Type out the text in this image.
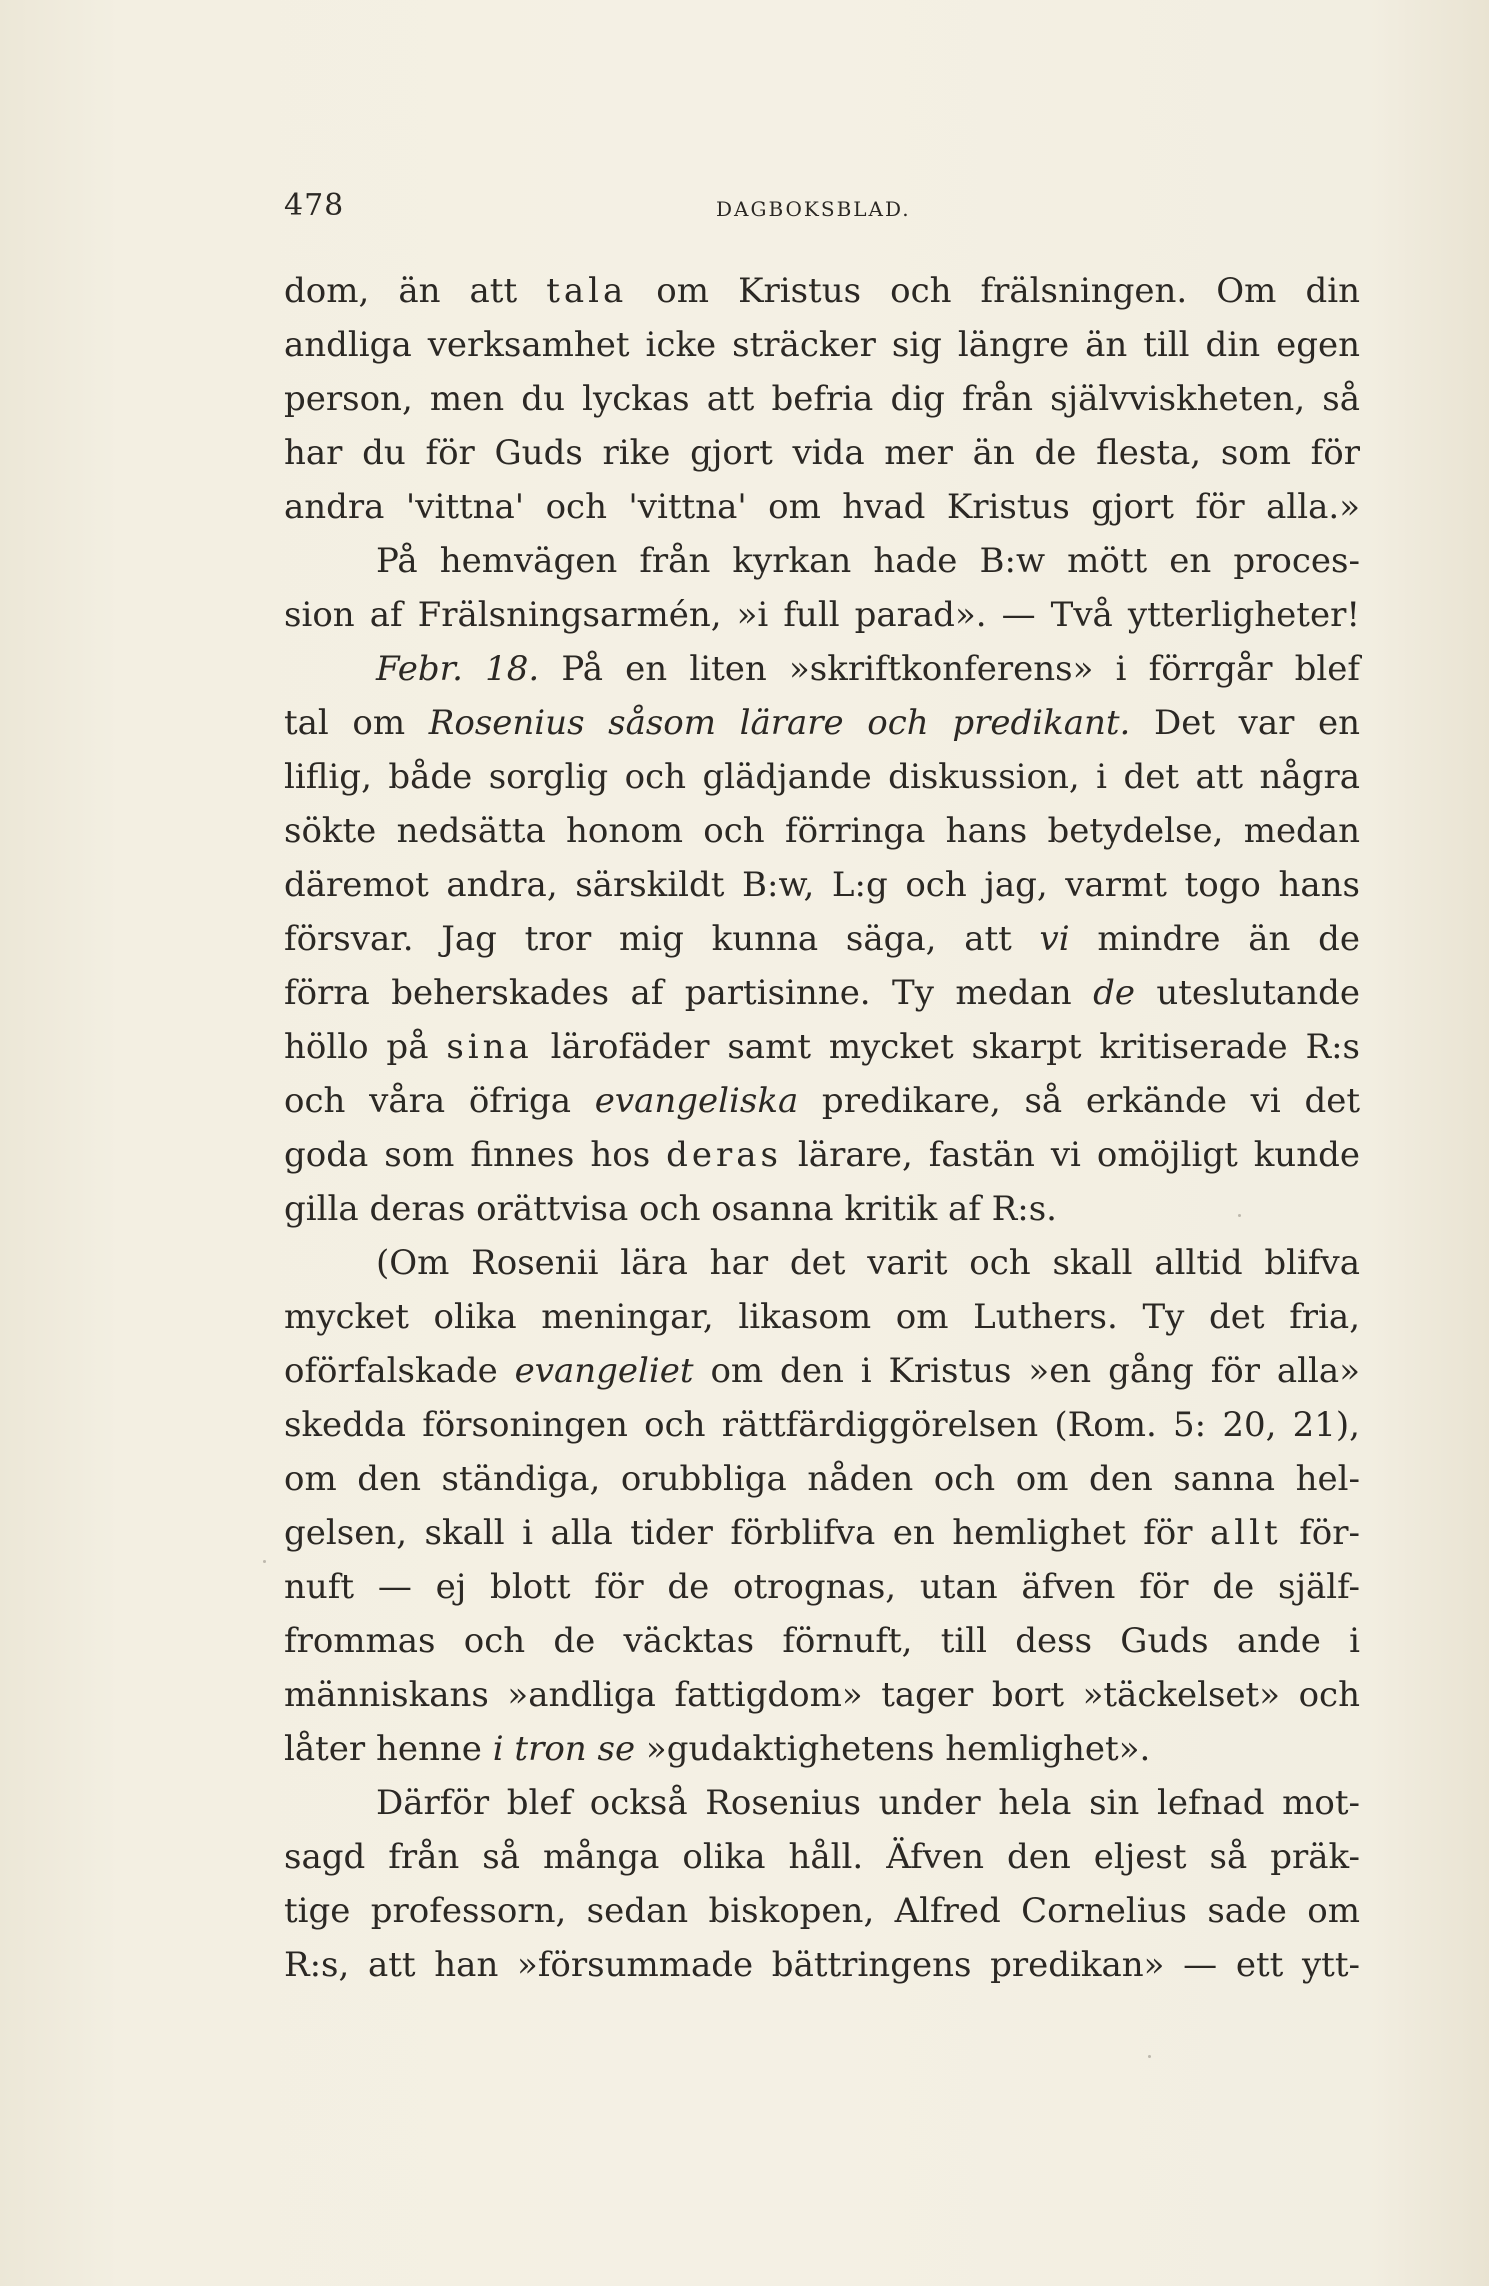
478	DAGBOKSBLAD.
dom, än att tala om Kristus och frälsningen. Om din
andliga verksamhet icke sträcker sig längre än till din egen
person, men du lyckas att befria dig från självviskheten, så
har du för Guds rike gjort vida mer än de flesta, som för
andra 'vittna' och 'vittna' om hvad Kristus gjort för alla.»
På hemvägen från kyrkan hade B:w mött en proces-
sion af Frälsningsarmén, »i full parad». — Två ytterligheter!
Febr. 18. På en liten »skriftkonferens» i förrgår blef
tal om Rosenius såsom lärare och predikant. Det var en
liflig, både sorglig och glädjande diskussion, i det att några
sökte nedsätta honom och förringa hans betydelse, medan
däremot andra, särskildt B:w, L:g och jag, varmt togo hans
försvar. Jag tror mig kunna säga, att vi mindre än de
förra beherskades af partisinne. Ty medan de uteslutande
höllo på sina lärofäder samt mycket skarpt kritiserade R:s
och våra öfriga evangeliska predikare, så erkände vi det
goda som finnes hos deras lärare, fastän vi omöjligt kunde
gilla deras orättvisa och osanna kritik af R:s.
(Om Rosenii lära har det varit och skall alltid blifva
mycket olika meningar, likasom om Luthers. Ty det fria,
oförfalskade evangeliet om den i Kristus »en gång för alla»
skedda försoningen och rättfärdiggörelsen (Rom. 5: 20, 21),
om den ständiga, orubbliga nåden och om den sanna hel-
gelsen, skall i alla tider förblifva en hemlighet för allt för-
nuft — ej blott för de otrognas, utan äfven för de själf-
frommas och de väcktas förnuft, till dess Guds ande i
människans »andliga fattigdom» tager bort »täckelset» och
låter henne i tron se »gudaktighetens hemlighet».
Därför blef också Rosenius under hela sin lefnad mot-
sagd från så många olika håll. Äfven den eljest så präk-
tige professorn, sedan biskopen, Alfred Cornelius sade om
R:s, att han »försummade bättringens predikan» — ett ytt-
